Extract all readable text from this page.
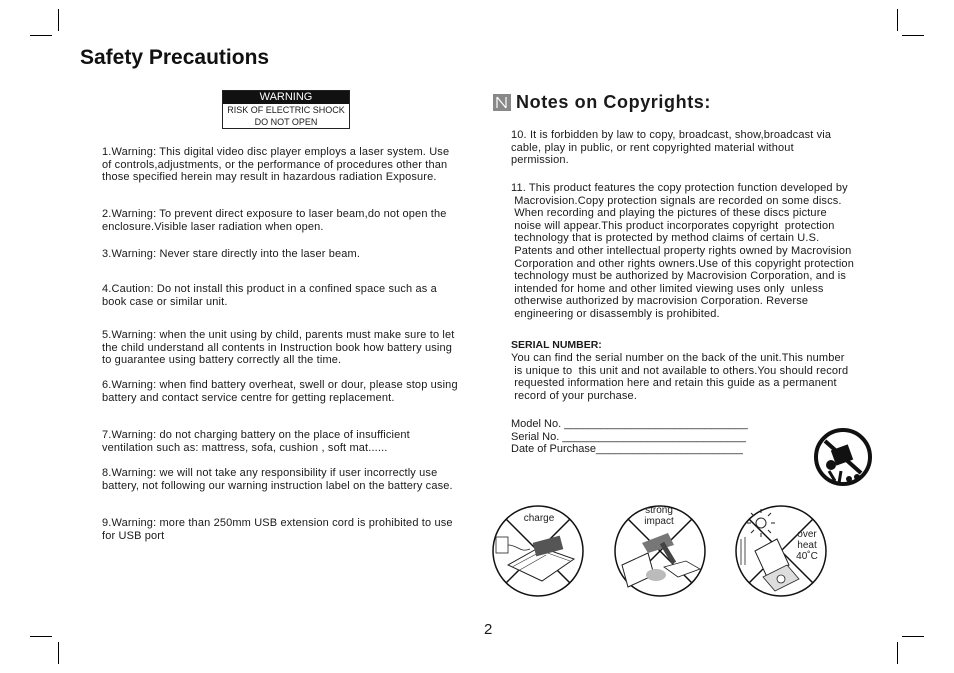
Safety Precautions
WARNING
RISK OF ELECTRIC SHOCK
DO NOT OPEN
1.Warning: This digital video disc player employs a laser system. Use of controls,adjustments, or the performance of procedures other than those specified herein may result in hazardous radiation Exposure.
2.Warning: To prevent direct exposure to laser beam,do not open the enclosure.Visible laser radiation when open.
3.Warning: Never stare directly into the laser beam.
4.Caution: Do not install this product in a confined space such as a book case or similar unit.
5.Warning: when the unit using by child, parents must make sure to let the child understand all contents in Instruction book how battery using to guarantee using battery correctly all the time.
6.Warning: when find battery overheat, swell or dour, please stop using battery and contact service centre for getting replacement.
7.Warning: do not charging battery on the place of insufficient ventilation such as: mattress, sofa, cushion , soft mat......
8.Warning: we will not take any responsibility if user incorrectly use battery, not following our warning instruction label on the battery case.
9.Warning: more than 250mm USB extension cord is prohibited to use for USB port
Notes on Copyrights:
10. It is forbidden by law to copy, broadcast, show,broadcast via
cable, play in public, or rent copyrighted material without
permission.
11. This product features the copy protection function developed by
Macrovision.Copy protection signals are recorded on some discs.
When recording and playing the pictures of these discs picture
noise will appear.This product incorporates copyright  protection
technology that is protected by method claims of certain U.S.
Patents and other intellectual property rights owned by Macrovision
Corporation and other rights owners.Use of this copyright protection
technology must be authorized by Macrovision Corporation, and is
intended for home and other limited viewing uses only  unless
otherwise authorized by macrovision Corporation. Reverse
engineering or disassembly is prohibited.
SERIAL NUMBER:
You can find the serial number on the back of the unit.This number
is unique to  this unit and not available to others.You should record
requested information here and retain this guide as a permanent
record of your purchase.
Model No. ______________________________
Serial No. ______________________________
Date of Purchase________________________
charge
strong
impact
over
heat
40˚C
2
